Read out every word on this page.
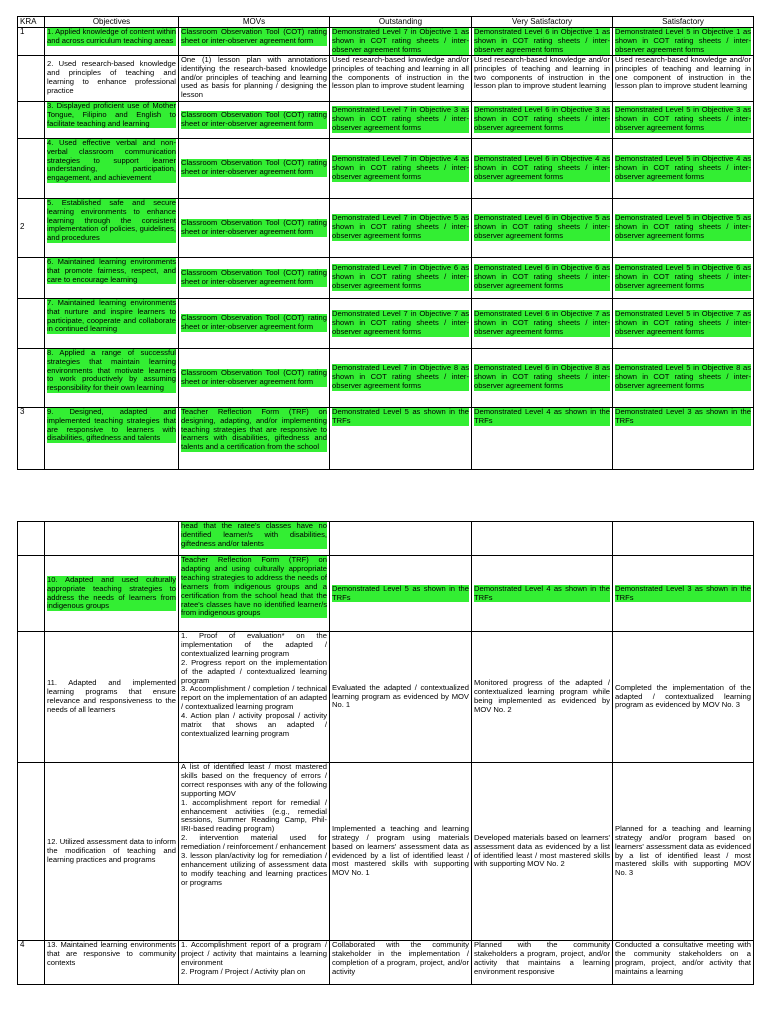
KRA	Objectives	MOVs	Outstanding	Very Satisfactory	Satisfactory
1	1. Applied knowledge of content within and across curriculum teaching areas	Classroom Observation Tool (COT) rating sheet or inter-observer agreement form	Demonstrated Level 7 in Objective 1 as shown in COT rating sheets / inter-observer agreement forms	Demonstrated Level 6 in Objective 1 as shown in COT rating sheets / inter-observer agreement forms	Demonstrated Level 5 in Objective 1 as shown in COT rating sheets / inter-observer agreement forms

	2. Used research-based knowledge and principles of teaching and learning to enhance professional practice	One (1) lesson plan with annotations identifying the research-based knowledge and/or principles of teaching and learning used as basis for planning / designing the lesson	Used research-based knowledge and/or principles of teaching and learning in all the components of instruction in the lesson plan to improve student learning	Used research-based knowledge and/or principles of teaching and learning in two components of instruction in the lesson plan to improve student learning	Used research-based knowledge and/or principles of teaching and learning in one component of instruction in the lesson plan to improve student learning

	3. Displayed proficient use of Mother Tongue, Filipino and English to facilitate teaching and learning	Classroom Observation Tool (COT) rating sheet or inter-observer agreement form	Demonstrated Level 7 in Objective 3 as shown in COT rating sheets / inter-observer agreement forms	Demonstrated Level 6 in Objective 3 as shown in COT rating sheets / inter-observer agreement forms	Demonstrated Level 5 in Objective 3 as shown in COT rating sheets / inter-observer agreement forms

	4. Used effective verbal and non-verbal classroom communication strategies to support learner understanding, participation, engagement, and achievement	Classroom Observation Tool (COT) rating sheet or inter-observer agreement form	Demonstrated Level 7 in Objective 4 as shown in COT rating sheets / inter-observer agreement forms	Demonstrated Level 6 in Objective 4 as shown in COT rating sheets / inter-observer agreement forms	Demonstrated Level 5 in Objective 4 as shown in COT rating sheets / inter-observer agreement forms

2	5. Established safe and secure learning environments to enhance learning through the consistent implementation of policies, guidelines, and procedures	Classroom Observation Tool (COT) rating sheet or inter-observer agreement form	Demonstrated Level 7 in Objective 5 as shown in COT rating sheets / inter-observer agreement forms	Demonstrated Level 6 in Objective 5 as shown in COT rating sheets / inter-observer agreement forms	Demonstrated Level 5 in Objective 5 as shown in COT rating sheets / inter-observer agreement forms

	6. Maintained learning environments that promote fairness, respect, and care to encourage learning	Classroom Observation Tool (COT) rating sheet or inter-observer agreement form	Demonstrated Level 7 in Objective 6 as shown in COT rating sheets / inter-observer agreement forms	Demonstrated Level 6 in Objective 6 as shown in COT rating sheets / inter-observer agreement forms	Demonstrated Level 5 in Objective 6 as shown in COT rating sheets / inter-observer agreement forms

	7. Maintained learning environments that nurture and inspire learners to participate, cooperate and collaborate in continued learning	Classroom Observation Tool (COT) rating sheet or inter-observer agreement form	Demonstrated Level 7 in Objective 7 as shown in COT rating sheets / inter-observer agreement forms	Demonstrated Level 6 in Objective 7 as shown in COT rating sheets / inter-observer agreement forms	Demonstrated Level 5 in Objective 7 as shown in COT rating sheets / inter-observer agreement forms

	8. Applied a range of successful strategies that maintain learning environments that motivate learners to work productively by assuming responsibility for their own learning	Classroom Observation Tool (COT) rating sheet or inter-observer agreement form	Demonstrated Level 7 in Objective 8 as shown in COT rating sheets / inter-observer agreement forms	Demonstrated Level 6 in Objective 8 as shown in COT rating sheets / inter-observer agreement forms	Demonstrated Level 5 in Objective 8 as shown in COT rating sheets / inter-observer agreement forms

3	9. Designed, adapted and implemented teaching strategies that are responsive to learners with disabilities, giftedness and talents	Teacher Reflection Form (TRF) on designing, adapting, and/or implementing teaching strategies that are responsive to learners with disabilities, giftedness and talents and a certification from the school	Demonstrated Level 5 as shown in the TRFs	Demonstrated Level 4 as shown in the TRFs	Demonstrated Level 3 as shown in the TRFs

		head that the ratee's classes have no identified learner/s with disabilities, giftedness and/or talents			

	10. Adapted and used culturally appropriate teaching strategies to address the needs of learners from indigenous groups	Teacher Reflection Form (TRF) on adapting and using culturally appropriate teaching strategies to address the needs of learners from indigenous groups and a certification from the school head that the ratee's classes have no identified learner/s from indigenous groups	Demonstrated Level 5 as shown in the TRFs	Demonstrated Level 4 as shown in the TRFs	Demonstrated Level 3 as shown in the TRFs

	11. Adapted and implemented learning programs that ensure relevance and responsiveness to the needs of all learners	1. Proof of evaluation* on the implementation of the adapted / contextualized learning program
2. Progress report on the implementation of the adapted / contextualized learning program
3. Accomplishment / completion / technical report on the implementation of an adapted / contextualized learning program
4. Action plan / activity proposal / activity matrix that shows an adapted / contextualized learning program	Evaluated the adapted / contextualized learning program as evidenced by MOV No. 1	Monitored progress of the adapted / contextualized learning program while being implemented as evidenced by MOV No. 2	Completed the implementation of the adapted / contextualized learning program as evidenced by MOV No. 3
	12. Utilized assessment data to inform the modification of teaching and learning practices and programs	A list of identified least / most mastered skills based on the frequency of errors / correct responses with any of the following supporting MOV
1. accomplishment report for remedial / enhancement activities (e.g., remedial sessions, Summer Reading Camp, Phil-IRI-based reading program)
2. intervention material used for remediation / reinforcement / enhancement
3. lesson plan/activity log for remediation / enhancement utilizing of assessment data to modify teaching and learning practices or programs	Implemented a teaching and learning strategy / program using materials based on learners' assessment data as evidenced by a list of identified least / most mastered skills with supporting MOV No. 1	Developed materials based on learners' assessment data as evidenced by a list of identified least / most mastered skills with supporting MOV No. 2	Planned for a teaching and learning strategy and/or program based on learners' assessment data as evidenced by a list of identified least / most mastered skills with supporting MOV No. 3
4	13. Maintained learning environments that are responsive to community contexts	1. Accomplishment report of a program / project / activity that maintains a learning environment
2. Program / Project / Activity plan on	Collaborated with the community stakeholder in the implementation / completion of a program, project, and/or activity	Planned with the community stakeholders a program, project, and/or activity that maintains a learning environment responsive	Conducted a consultative meeting with the community stakeholders on a program, project, and/or activity that maintains a learning
